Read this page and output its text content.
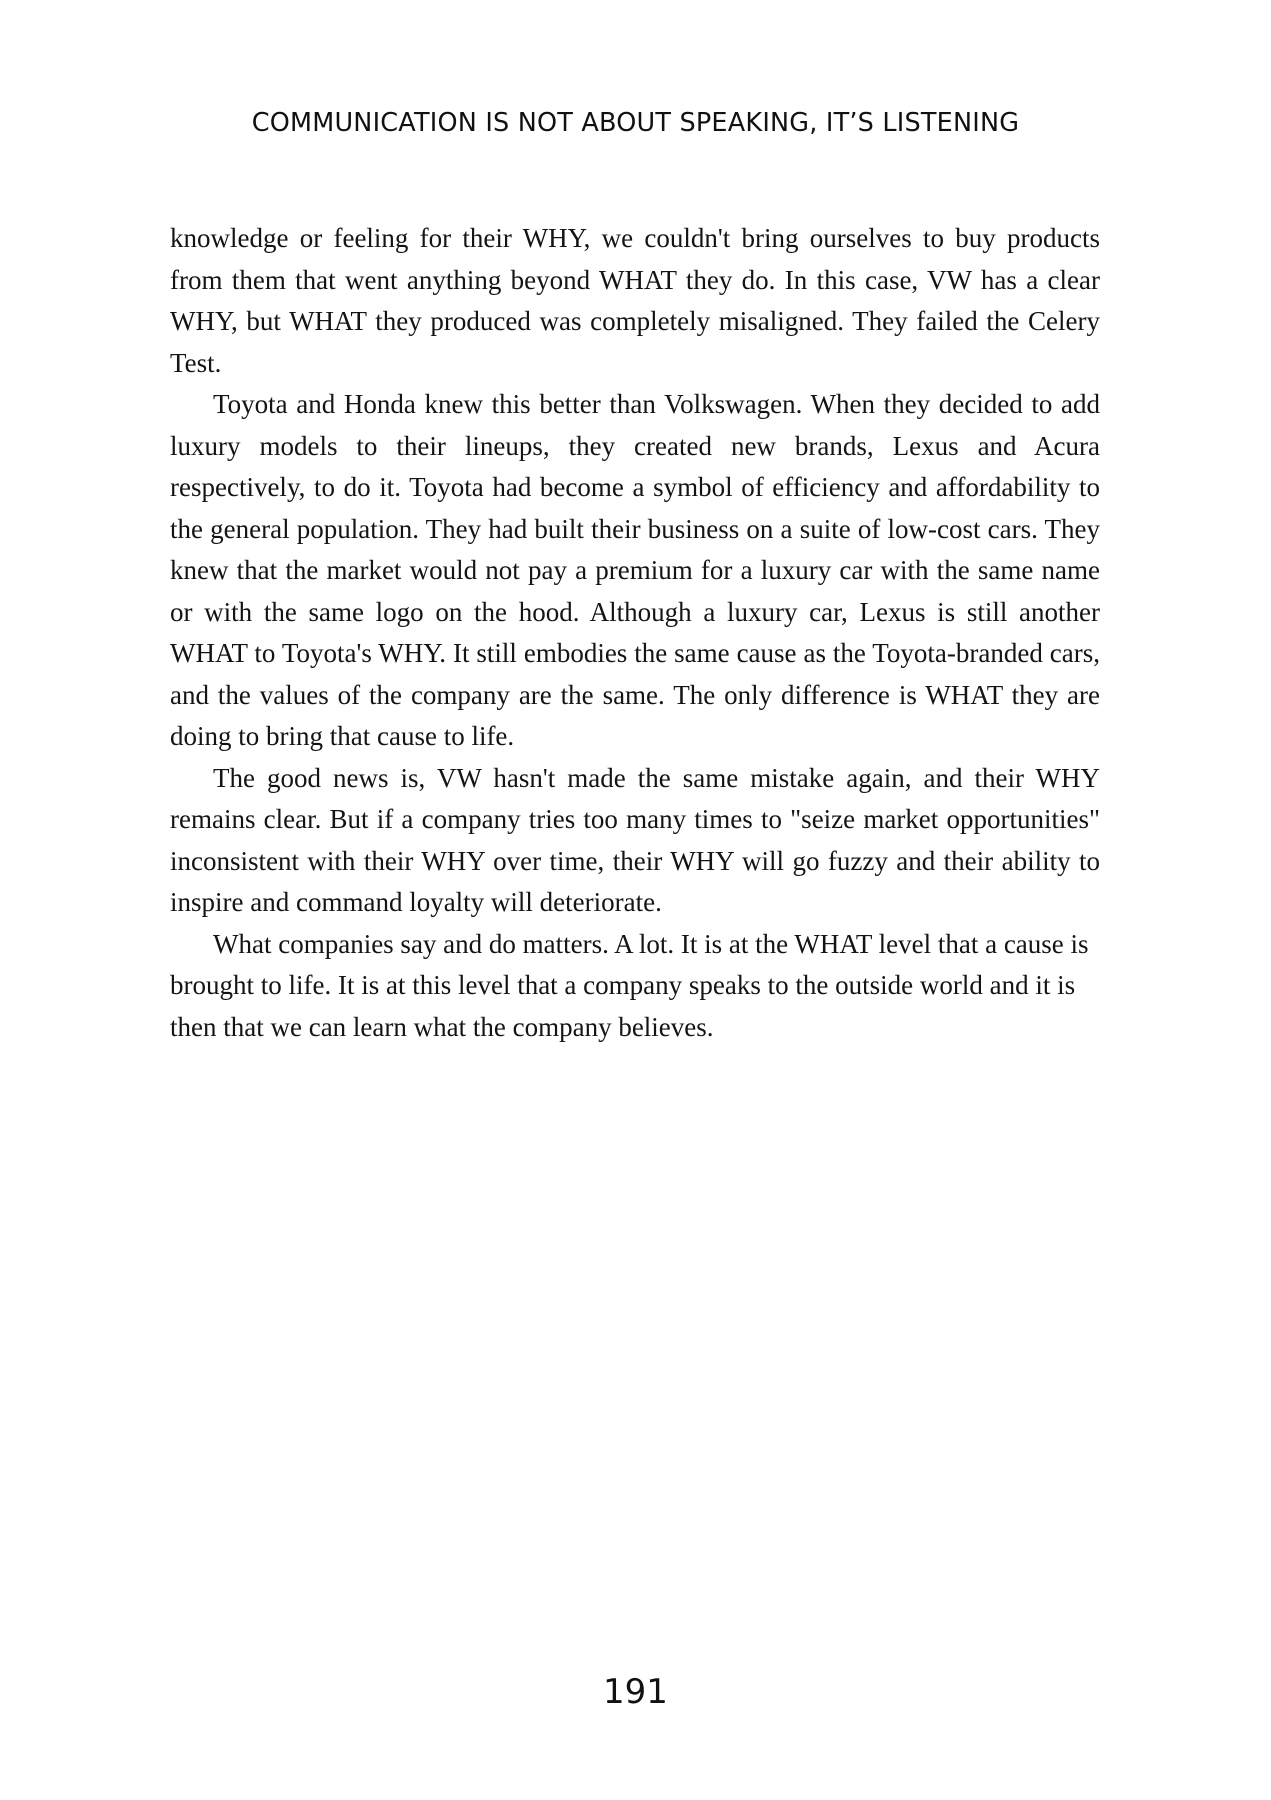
COMMUNICATION IS NOT ABOUT SPEAKING, IT’S LISTENING

knowledge or feeling for their WHY, we couldn't bring ourselves to buy products from them that went anything beyond WHAT they do. In this case, VW has a clear WHY, but WHAT they produced was completely misaligned. They failed the Celery Test.

Toyota and Honda knew this better than Volkswagen. When they decided to add luxury models to their lineups, they created new brands, Lexus and Acura respectively, to do it. Toyota had become a symbol of efficiency and affordability to the general population. They had built their business on a suite of low-cost cars. They knew that the market would not pay a premium for a luxury car with the same name or with the same logo on the hood. Although a luxury car, Lexus is still another WHAT to Toyota's WHY. It still embodies the same cause as the Toyota-branded cars, and the values of the company are the same. The only difference is WHAT they are doing to bring that cause to life.

The good news is, VW hasn't made the same mistake again, and their WHY remains clear. But if a company tries too many times to "seize market opportunities" inconsistent with their WHY over time, their WHY will go fuzzy and their ability to inspire and command loyalty will deteriorate.

What companies say and do matters. A lot. It is at the WHAT level that a cause is brought to life. It is at this level that a company speaks to the outside world and it is then that we can learn what the company believes.

191
